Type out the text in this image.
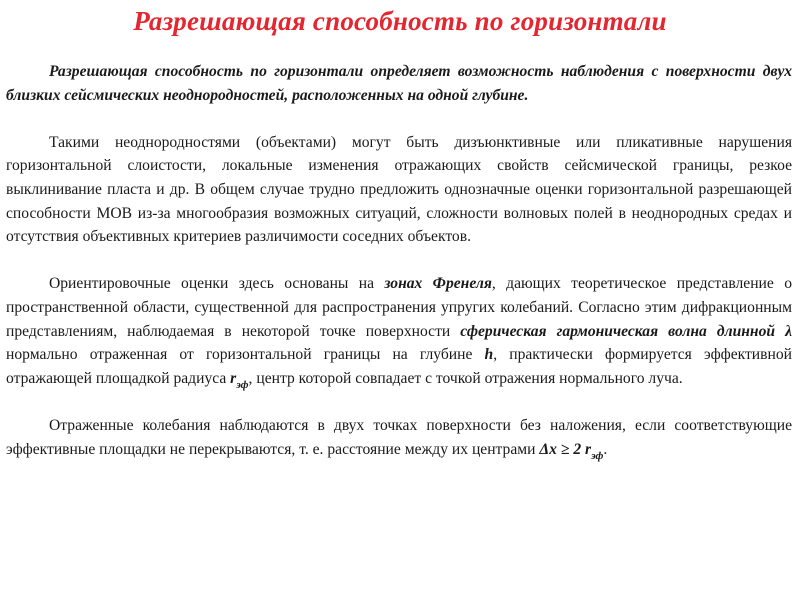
Разрешающая способность по горизонтали

Разрешающая способность по горизонтали определяет возможность наблюдения с поверхности двух близких сейсмических неоднородностей, расположенных на одной глубине.

Такими неоднородностями (объектами) могут быть дизъюнктивные или пликативные нарушения горизонтальной слоистости, локальные изменения отражающих свойств сейсмической границы, резкое выклинивание пласта и др. В общем случае трудно предложить однозначные оценки горизонтальной разрешающей способности МОВ из-за многообразия возможных ситуаций, сложности волновых полей в неоднородных средах и отсутствия объективных критериев различимости соседних объектов.

Ориентировочные оценки здесь основаны на зонах Френеля, дающих теоретическое представление о пространственной области, существенной для распространения упругих колебаний. Согласно этим дифракционным представлениям, наблюдаемая в некоторой точке поверхности сферическая гармоническая волна длинной λ нормально отраженная от горизонтальной границы на глубине h, практически формируется эффективной отражающей площадкой радиуса $r_{эф}$, центр которой совпадает с точкой отражения нормального луча.

Отраженные колебания наблюдаются в двух точках поверхности без наложения, если соответствующие эффективные площадки не перекрываются, т. е. расстояние между их центрами Δx ≥ 2 $r_{эф}$.
